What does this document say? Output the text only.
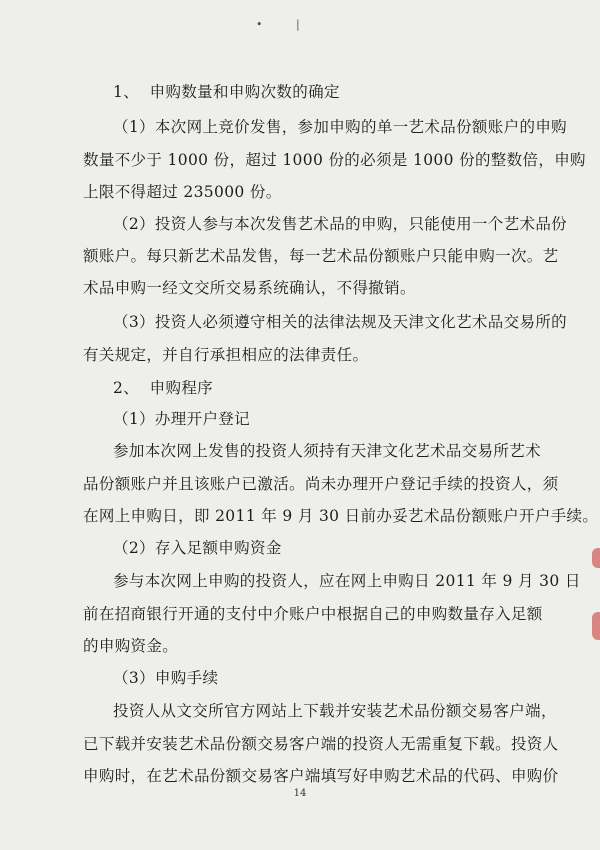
•	|
1、  申购数量和申购次数的确定
（1）本次网上竞价发售，参加申购的单一艺术品份额账户的申购
数量不少于 1000 份，超过 1000 份的必须是 1000 份的整数倍，申购
上限不得超过 235000 份。
（2）投资人参与本次发售艺术品的申购，只能使用一个艺术品份
额账户。每只新艺术品发售，每一艺术品份额账户只能申购一次。艺
术品申购一经文交所交易系统确认，不得撤销。
（3）投资人必须遵守相关的法律法规及天津文化艺术品交易所的
有关规定，并自行承担相应的法律责任。
2、  申购程序
（1）办理开户登记
参加本次网上发售的投资人须持有天津文化艺术品交易所艺术
品份额账户并且该账户已激活。尚未办理开户登记手续的投资人，须
在网上申购日，即 2011 年 9 月 30 日前办妥艺术品份额账户开户手续。
（2）存入足额申购资金
参与本次网上申购的投资人，应在网上申购日 2011 年 9 月 30 日
前在招商银行开通的支付中介账户中根据自己的申购数量存入足额
的申购资金。
（3）申购手续
投资人从文交所官方网站上下载并安装艺术品份额交易客户端，
已下载并安装艺术品份额交易客户端的投资人无需重复下载。投资人
申购时，在艺术品份额交易客户端填写好申购艺术品的代码、申购价
14
